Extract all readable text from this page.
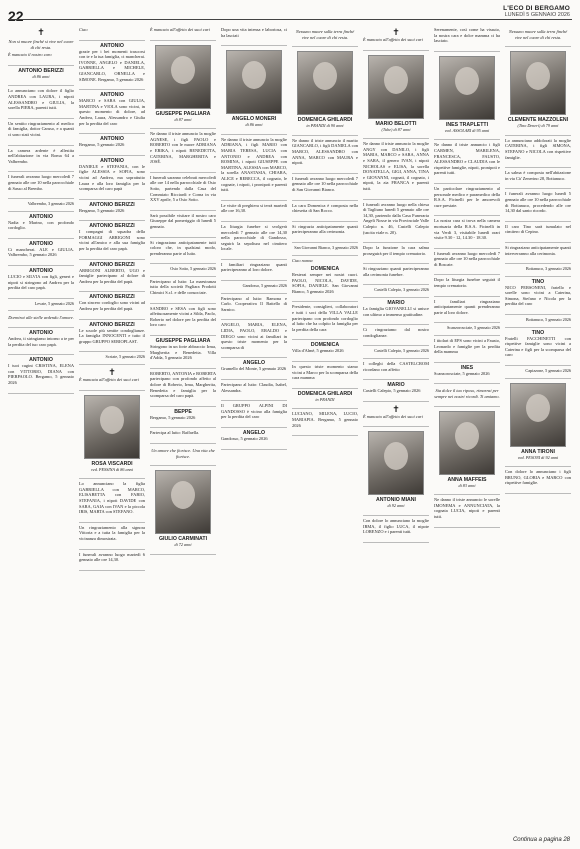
22	L'ECO DI BERGAMO
LUNEDÌ 5 GENNAIO 2026
✝
Non si muore finché si vive nel cuore di chi resta.

È mancato il nostro caro

ANTONIO BERIZZI
di 86 anni

Lo annunciano con dolore il figlio ANDREA con LAURA, i nipoti ALESSANDRO e GIULIA, la sorella PIERA, parenti tutti.

Un sentito ringraziamento al medico di famiglia, dottor Caruso, e a quanti ci sono stati vicini.

La camera ardente è allestita nell'abitazione in via Roma 64 a Valbrembo.

I funerali avranno luogo mercoledì 7 gennaio alle ore 10 nella parrocchiale di Sasso al Brembo.

Valbrembo, 3 gennaio 2026
ANTONIO

Nadia e Marino, con profondo cordoglio.

ANTONIO

Ci mancherai. ALE e GIULIA. Valbrembo, 5 gennaio 2026

ANTONIO

LUCIO e SILVIA con figli, generi e nipoti si stringono ad Andrea per la perdita del caro papà.

Levate, 5 gennaio 2026
Dormirai alle stelle ardendo l'amore.
ANTONIO

Andrea, ti stringiamo intorno a te per la perdita del tuo caro papà.

ANTONIO

I tuoi cugini CRISTINA, ELENA con VITTORIO, DIANA con PIERPAOLO. Bergamo, 5 gennaio 2026

Ciao

ANTONIO

grazie per i bei momenti trascorsi con te e la tua famiglia, ci mancherai. IVONNE, ANGELO e DANIELA, GABRIELLA e MICHELE, GIANCARLO, ORNELLA e SIMONE. Bergamo, 5 gennaio 2026

ANTONIO

MARCO e SARA con GIULIA, MARTINA e VIOLA sono vicini, in questo momento di dolore, ad Andrea, Laura, Alessandro e Giulia per la perdita del caro

ANTONIO

Bergamo, 5 gennaio 2026

ANTONIO

DANIELE e STEFANIA, con le figlie ALESSIA e SOFIA, sono vicini ad Andrea, ma soprattutto Laura e alla loro famiglia per la scomparsa del caro papà

ANTONIO BERIZZI

Bergamo, 5 gennaio 2026

ANTONIO BERIZZI

I compagni di squadra della FORMAGGI ARRIGONI sono vicini all'amico e alla sua famiglia per la perdita del caro papà.

ANTONIO BERIZZI

ARRIGONI ALBERTO, UGO e famiglie partecipano al dolore di Andrea per la perdita del papà.

ANTONIO BERIZZI

Con sincero cordoglio sono vicini ad Andrea per la perdita del papà.

ANTONIO BERIZZI

Le scuole più sentite condoglianze. La famiglia INNOCENTI e tutto il gruppo GRUPPO SERIOPLAST.

Scriate, 5 gennaio 2026
✝

È mancata all'affetto dei suoi cari

ROSA VISCARDI
ved. PESSINA di 86 anni

Lo annunciano la figlia GABRIELLA con MARCO, ELISABETTA con FABIO, STEFANIA, i nipoti DAVIDE con SARA, GAIA con IVAN e la piccola IRIS, MARTA con STEFANO.

Un ringraziamento alla signora Vittoria e a tutta la famiglia per la vicinanza dimostrata.

I funerali avranno luogo martedì 6 gennaio alle ore 14,30.

È mancato all'affetto dei suoi cari

GIUSEPPE PAGLIARA
di 87 anni

Ne danno il triste annuncio la moglie AGNESE, i figli PAOLO e ROBERTO con le nuore ADRIANA e ERIKA, i nipoti BENEDETTA, CATERINA, MARGHERITA e JOSÉ.

I funerali saranno celebrati mercoledì alle ore 14 nella parrocchiale di Osio Sotto, partendo dalla Casa del Commiato Ricciardi e Corna in via XXV aprile, 5 a Osio Sotto.

Sarà possibile visitare il nostro caro Giuseppe dal pomeriggio di lunedì 5 gennaio.

Si ringraziano anticipatamente tutti coloro che, in qualsiasi modo, prenderanno parte al lutto.

Osio Sotto, 5 gennaio 2026

Partecipano al lutto: La maestranza tutta della società Pagliara Prodotti Chimici S.r.l. e delle consociate.

SANDRO e SESA con figli sono affettuosamente vicini a Silda, Paolo, Roberto nel dolore per la perdita del loro caro

GIUSEPPE PAGLIARA

Stringono in un forte abbraccio Irma, Margherita e Benedetta. Villa d'Adda, 5 gennaio 2026

ROBERTO, ANTONIA e ROBERTA partecipano con profondo affetto al dolore di Roberto, Irma, Margherita, Benedetta e famiglia per la scomparsa del caro papà.

BEPPE

Bergamo, 5 gennaio 2026

Partecipa al lutto: Raffaella.

Un amore che fiorisce. Una vita che fiorisce.
GIULIO CARMINATI
di 72 anni

Dopo una vita intensa e laboriosa, ci ha lasciati

ANGELO MONERI
di 86 anni

Ne danno il triste annuncio la moglie ADRIANA, i figli MARIO con MARIA TERESA, LUCIA con ANTONIO e ANDREA con ROMINA, i nipoti GIUSEPPE con MARTINA, ALESSIA con MARCO, la sorella ANASTASIA, CHIARA, ALICE e REBECCA, il cognato, le cognate, i nipoti, i pronipoti e parenti tutti.

Le visite di preghiera si terrà martedì alle ore 16,30.

La liturgia funebre si svolgerà mercoledì 7 gennaio alle ore 14,30 nella parrocchiale di Gandosso, seguirà la sepoltura nel cimitero locale.

I familiari ringraziano quanti parteciperanno al loro dolore.

Gandosso, 5 gennaio 2026

Partecipano al lutto: Ramona e Carlo. Cooperativa Il Battello di Sarnico.

ANGELO, MARIA, ELENA, LIDIA, PAOLO, ERALDO e DIEGO sono vicini ai familiari in questo triste momento per la scomparsa di

ANGELO

Grumello del Monte, 5 gennaio 2026

Partecipano al lutto: Claudia, Isabel, Alessandra.

Il GRUPPO ALPINI DI GANDOSSO è vicino alla famiglia per la perdita del caro

ANGELO

Gandosso, 5 gennaio 2026

Nessuno muore sulla terra finché vive nel cuore di chi resta.
DOMENICA GHILARDI
in PRANDI di 90 anni

Ne danno il triste annuncio il marito GIANCARLO, i figli DANIELA con MARCO, ALESSANDRO con ANNA, MARCO con MAURA e nipoti.

I funerali avranno luogo mercoledì 7 gennaio alle ore 10 nella parrocchiale di San Giovanni Bianco.

La cara Domenica è composta nella chiesetta di San Rocco.

Si ringrazia anticipatamente quanti parteciperanno alla cerimonia.

San Giovanni Bianco, 3 gennaio 2026

Ciao nonna

DOMENICA

Resterai sempre nei nostri cuori. PAOLO, NICOLA, DAVIDE, SOFIA, DANIELE. San Giovanni Bianco, 5 gennaio 2026

Presidente, consiglieri, collaboratori e tutti i soci della VILLA VALLE partecipano con profondo cordoglio al lutto che ha colpito la famiglia per la perdita della cara

DOMENICA

Villa d'Almè, 5 gennaio 2026

In questo triste momento siamo vicini a Marco per la scomparsa della cara mamma

DOMENICA GHILARDI
in PRANDI

LUCIANO, MILENA, LUCIO, MARIAPIA. Bergamo, 5 gennaio 2026

✝

È mancato all'affetto dei suoi cari

MARIO BELOTTI
(Tube) di 87 anni

Ne danno il triste annuncio la moglie ANGY con DANILO, i figli MARIA, MARCO e SARA, ANNA e SARA, il genero IVAN, i nipoti NICHOLAS e ELISA, la sorella DONATELLA, GIGI, ANNA, TINA e GIOVANNI, cognati, il cognato, i nipoti, la zia FRANCA e parenti tutti.

I funerali avranno luogo nella chiesa di Tagliuno lunedì 5 gennaio alle ore 14,30, partendo dalla Casa Funeraria Angeli Nosse in via Provinciale Valle Calepio n. 46, Castelli Calepio (uscita viale n. 20).

Dopo la funzione la cara salma proseguirà per il tempio crematorio.

Si ringraziano quanti parteciperanno alla cerimonia funebre.

Castelli Calepio, 3 gennaio 2026
MARIO

La famiglia GIOVANELLI si unisce con ultimo a immenso gratitudine.

Ci ringraziamo dal nostro condoglianze.

Castelli Calepio, 5 gennaio 2026

I colleghi della CASTELCROM ricordano con affetto

MARIO

Castelli Calepio, 5 gennaio 2026

✝

È mancato all'affetto dei suoi cari

ANTONIO MIANI
di 92 anni

Con dolore lo annunciano la moglie IRMA, il figlio LUCA, il nipote LORENZO e i parenti tutti.

Serenamente, così come ha vissuto, la nostra cara e dolce mamma ci ha lasciato.

INES TRAPLETTI
ved. ASSOLARI di 95 anni

Ne danno il triste annuncio i figli CARMEN, MARILENA, FRANCESCA, FAUSTO, ALESSANDRO e CLAUDIA con le rispettive famiglie, nipoti, pronipoti e parenti tutti.

Un particolare ringraziamento al personale medico e paramedico della R.S.A. Ficinelli per le amorevoli cure prestate.

La nostra cara si trova nella camera mortuaria della R.S.A. Ficinelli in via Verdi 3, visitabile lunedì orari visite 9.30 - 12, 14.30 - 18.30.

I funerali avranno luogo mercoledì 7 gennaio alle ore 10 nella parrocchiale di Boscate.

Dopo la liturgia funebre seguirà il tempio crematorio.

I familiari ringraziano anticipatamente quanti prenderanno parte al loro dolore.

Scanzorosciate, 5 gennaio 2026

I titolari di EPS sono vicini a Fausto, Leonardo e famiglie per la perdita della mamma

INES

Scanzorosciate, 5 gennaio 2026

Sia dolce il tuo riposo, rimarrai per sempre nei nostri ricordi. Ti amiamo.
ANNA MAFFEIS
di 83 anni

Ne danno il triste annuncio le sorelle IMONEMA e ANNUNCIATA, la cognata LUCIA, nipoti e parenti tutti.

Nessuno muore sulla terra finché vive nel cuore di chi resta.
CLEMENTE MAZZOLENI
(Tino Deneri) di 79 anni

Lo annunciano addolorati la moglie CATERINA, i figli SIMONA, STEFANO e NICOLA con rispettive famiglie.

La salma è composta nell'abitazione in via Cà' Zenerino 28, Bottanuco.

I funerali avranno luogo lunedì 5 gennaio alle ore 10 nella parrocchiale di Bottanuco, procedendo alle ore 14,30 dal santo ricordo.

Il caro Tino sarà tumulato nel cimitero di Cepino.

Si ringraziano anticipatamente quanti interverranno alla cerimonia.

Bottanuco, 3 gennaio 2026
TINO

NICO PERSONENI, fratello e sorelle sono vicini a Caterina, Simona, Stefano e Nicola per la perdita del caro

Bottanuco, 5 gennaio 2026
TINO

Fratelli FACCHINETTI con rispettive famiglie sono vicini a Caterina e figli per la scomparsa del caro

Capizzone, 5 gennaio 2026
ANNA TIRONI
ved. PESONI di 92 anni

Con dolore lo annunciano i figli BRUNO, GLORIA e MARCO con rispettive famiglie.

Continua a pagina 28
